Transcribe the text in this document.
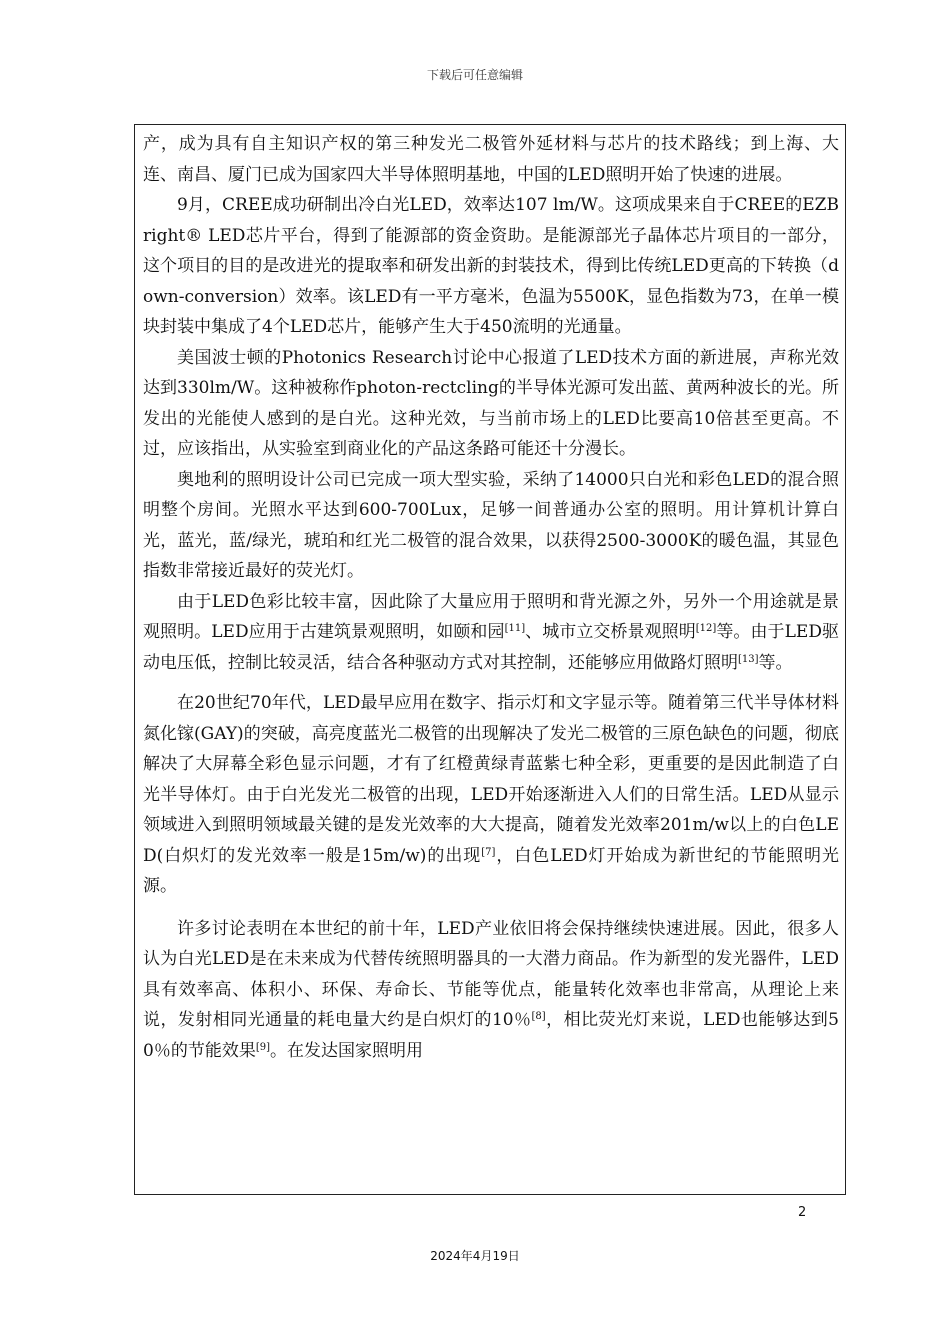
下载后可任意编辑

产，成为具有自主知识产权的第三种发光二极管外延材料与芯片的技术路线；到上海、大连、南昌、厦门已成为国家四大半导体照明基地，中国的LED照明开始了快速的进展。

9月，CREE成功研制出冷白光LED，效率达107 lm/W。这项成果来自于CREE的EZBright® LED芯片平台，得到了能源部的资金资助。是能源部光子晶体芯片项目的一部分，这个项目的目的是改进光的提取率和研发出新的封装技术，得到比传统LED更高的下转换（down-conversion）效率。该LED有一平方毫米，色温为5500K，显色指数为73，在单一模块封装中集成了4个LED芯片，能够产生大于450流明的光通量。

美国波士顿的Photonics Research讨论中心报道了LED技术方面的新进展，声称光效达到330lm/W。这种被称作photon-rectcling的半导体光源可发出蓝、黄两种波长的光。所发出的光能使人感到的是白光。这种光效，与当前市场上的LED比要高10倍甚至更高。不过，应该指出，从实验室到商业化的产品这条路可能还十分漫长。

奥地利的照明设计公司已完成一项大型实验，采纳了14000只白光和彩色LED的混合照明整个房间。光照水平达到600-700Lux，足够一间普通办公室的照明。用计算机计算白光，蓝光，蓝/绿光，琥珀和红光二极管的混合效果，以获得2500-3000K的暖色温，其显色指数非常接近最好的荧光灯。

由于LED色彩比较丰富，因此除了大量应用于照明和背光源之外，另外一个用途就是景观照明。LED应用于古建筑景观照明，如颐和园[11]、城市立交桥景观照明[12]等。由于LED驱动电压低，控制比较灵活，结合各种驱动方式对其控制，还能够应用做路灯照明[13]等。

在20世纪70年代，LED最早应用在数字、指示灯和文字显示等。随着第三代半导体材料氮化镓(GAY)的突破，高亮度蓝光二极管的出现解决了发光二极管的三原色缺色的问题，彻底解决了大屏幕全彩色显示问题，才有了红橙黄绿青蓝紫七种全彩，更重要的是因此制造了白光半导体灯。由于白光发光二极管的出现，LED开始逐渐进入人们的日常生活。LED从显示领域进入到照明领域最关键的是发光效率的大大提高，随着发光效率201m/w以上的白色LED(白炽灯的发光效率一般是15m/w)的出现[7]，白色LED灯开始成为新世纪的节能照明光源。

许多讨论表明在本世纪的前十年，LED产业依旧将会保持继续快速进展。因此，很多人认为白光LED是在未来成为代替传统照明器具的一大潜力商品。作为新型的发光器件，LED具有效率高、体积小、环保、寿命长、节能等优点，能量转化效率也非常高，从理论上来说，发射相同光通量的耗电量大约是白炽灯的10％[8]，相比荧光灯来说，LED也能够达到50％的节能效果[9]。在发达国家照明用

2
2024年4月19日
